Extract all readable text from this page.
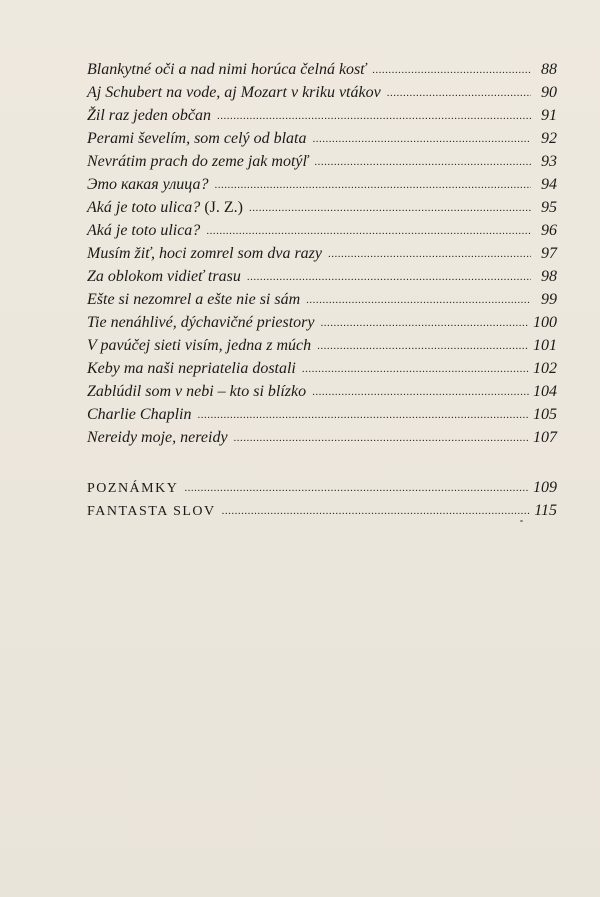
Blankytné oči a nad nimi horúca čelná kosť .....	88
Aj Schubert na vode, aj Mozart v kriku vtákov .....	90
Žil raz jeden občan .....	91
Perami ševelím, som celý od blata .....	92
Nevrátim prach do zeme jak motýľ .....	93
Это какая улица? .....	94
Aká je toto ulica? (J. Z.) .....	95
Aká je toto ulica? .....	96
Musím žiť, hoci zomrel som dva razy .....	97
Za oblokom vidieť trasu .....	98
Ešte si nezomrel a ešte nie si sám .....	99
Tie nenáhlivé, dýchavičné priestory .....	100
V pavúčej sieti visím, jedna z múch .....	101
Keby ma naši nepriatelia dostali .....	102
Zablúdil som v nebi – kto si blízko .....	104
Charlie Chaplin .....	105
Nereidy moje, nereidy .....	107
POZNÁMKY .....	109
FANTASTA SLOV .....	115
